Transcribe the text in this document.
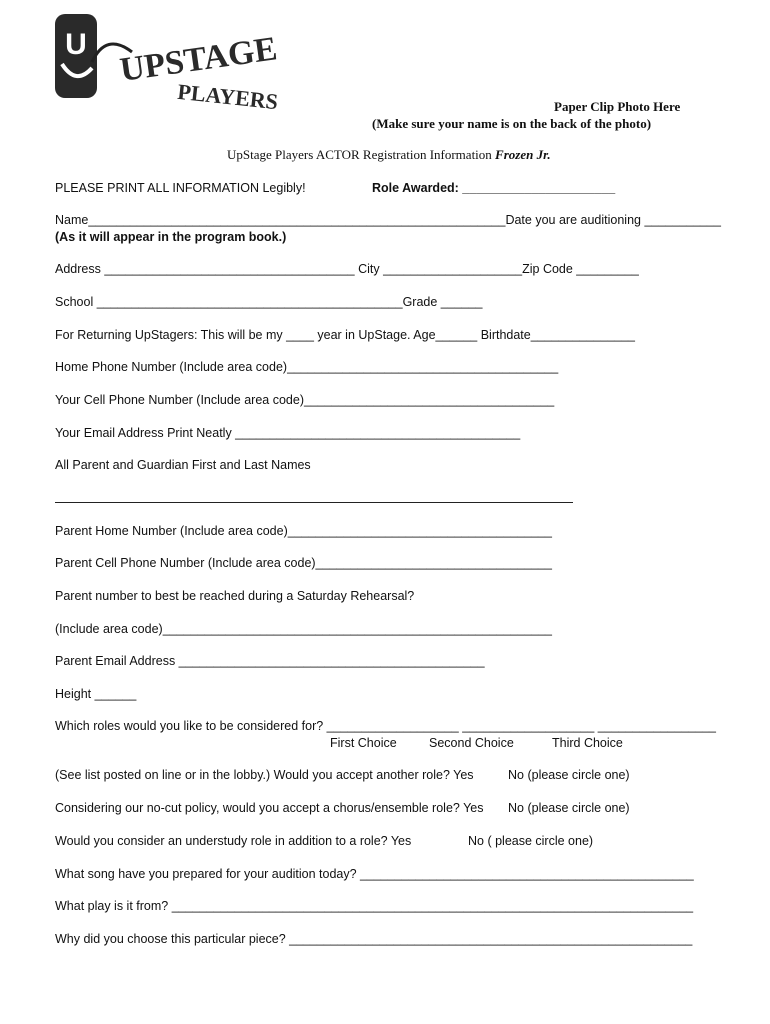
U UPSTAGE
PLAYERS	Paper Clip Photo Here
(Make sure your name is on the back of the photo)
UpStage Players ACTOR Registration Information Frozen Jr.
PLEASE PRINT ALL INFORMATION Legibly!	Role Awarded: ______________________
Name____________________________________________________________Date you are auditioning ___________
(As it will appear in the program book.)
Address ____________________________________ City ____________________Zip Code _________
School ____________________________________________Grade ______
For Returning UpStagers: This will be my ____ year in UpStage. Age______ Birthdate_______________
Home Phone Number (Include area code)_______________________________________
Your Cell Phone Number (Include area code)____________________________________
Your Email Address Print Neatly _________________________________________
All Parent and Guardian First and Last Names
Parent Home Number (Include area code)______________________________________
Parent Cell Phone Number (Include area code)__________________________________
Parent number to best be reached during a Saturday Rehearsal?
(Include area code)________________________________________________________
Parent Email Address ____________________________________________
Height ______
Which roles would you like to be considered for? ___________________ ___________________ _________________
First Choice	Second Choice	Third Choice
(See list posted on line or in the lobby.) Would you accept another role? Yes	No (please circle one)
Considering our no-cut policy, would you accept a chorus/ensemble role? Yes No (please circle one)
Would you consider an understudy role in addition to a role? Yes	No ( please circle one)
What song have you prepared for your audition today? ________________________________________________
What play is it from? ___________________________________________________________________________
Why did you choose this particular piece? __________________________________________________________
